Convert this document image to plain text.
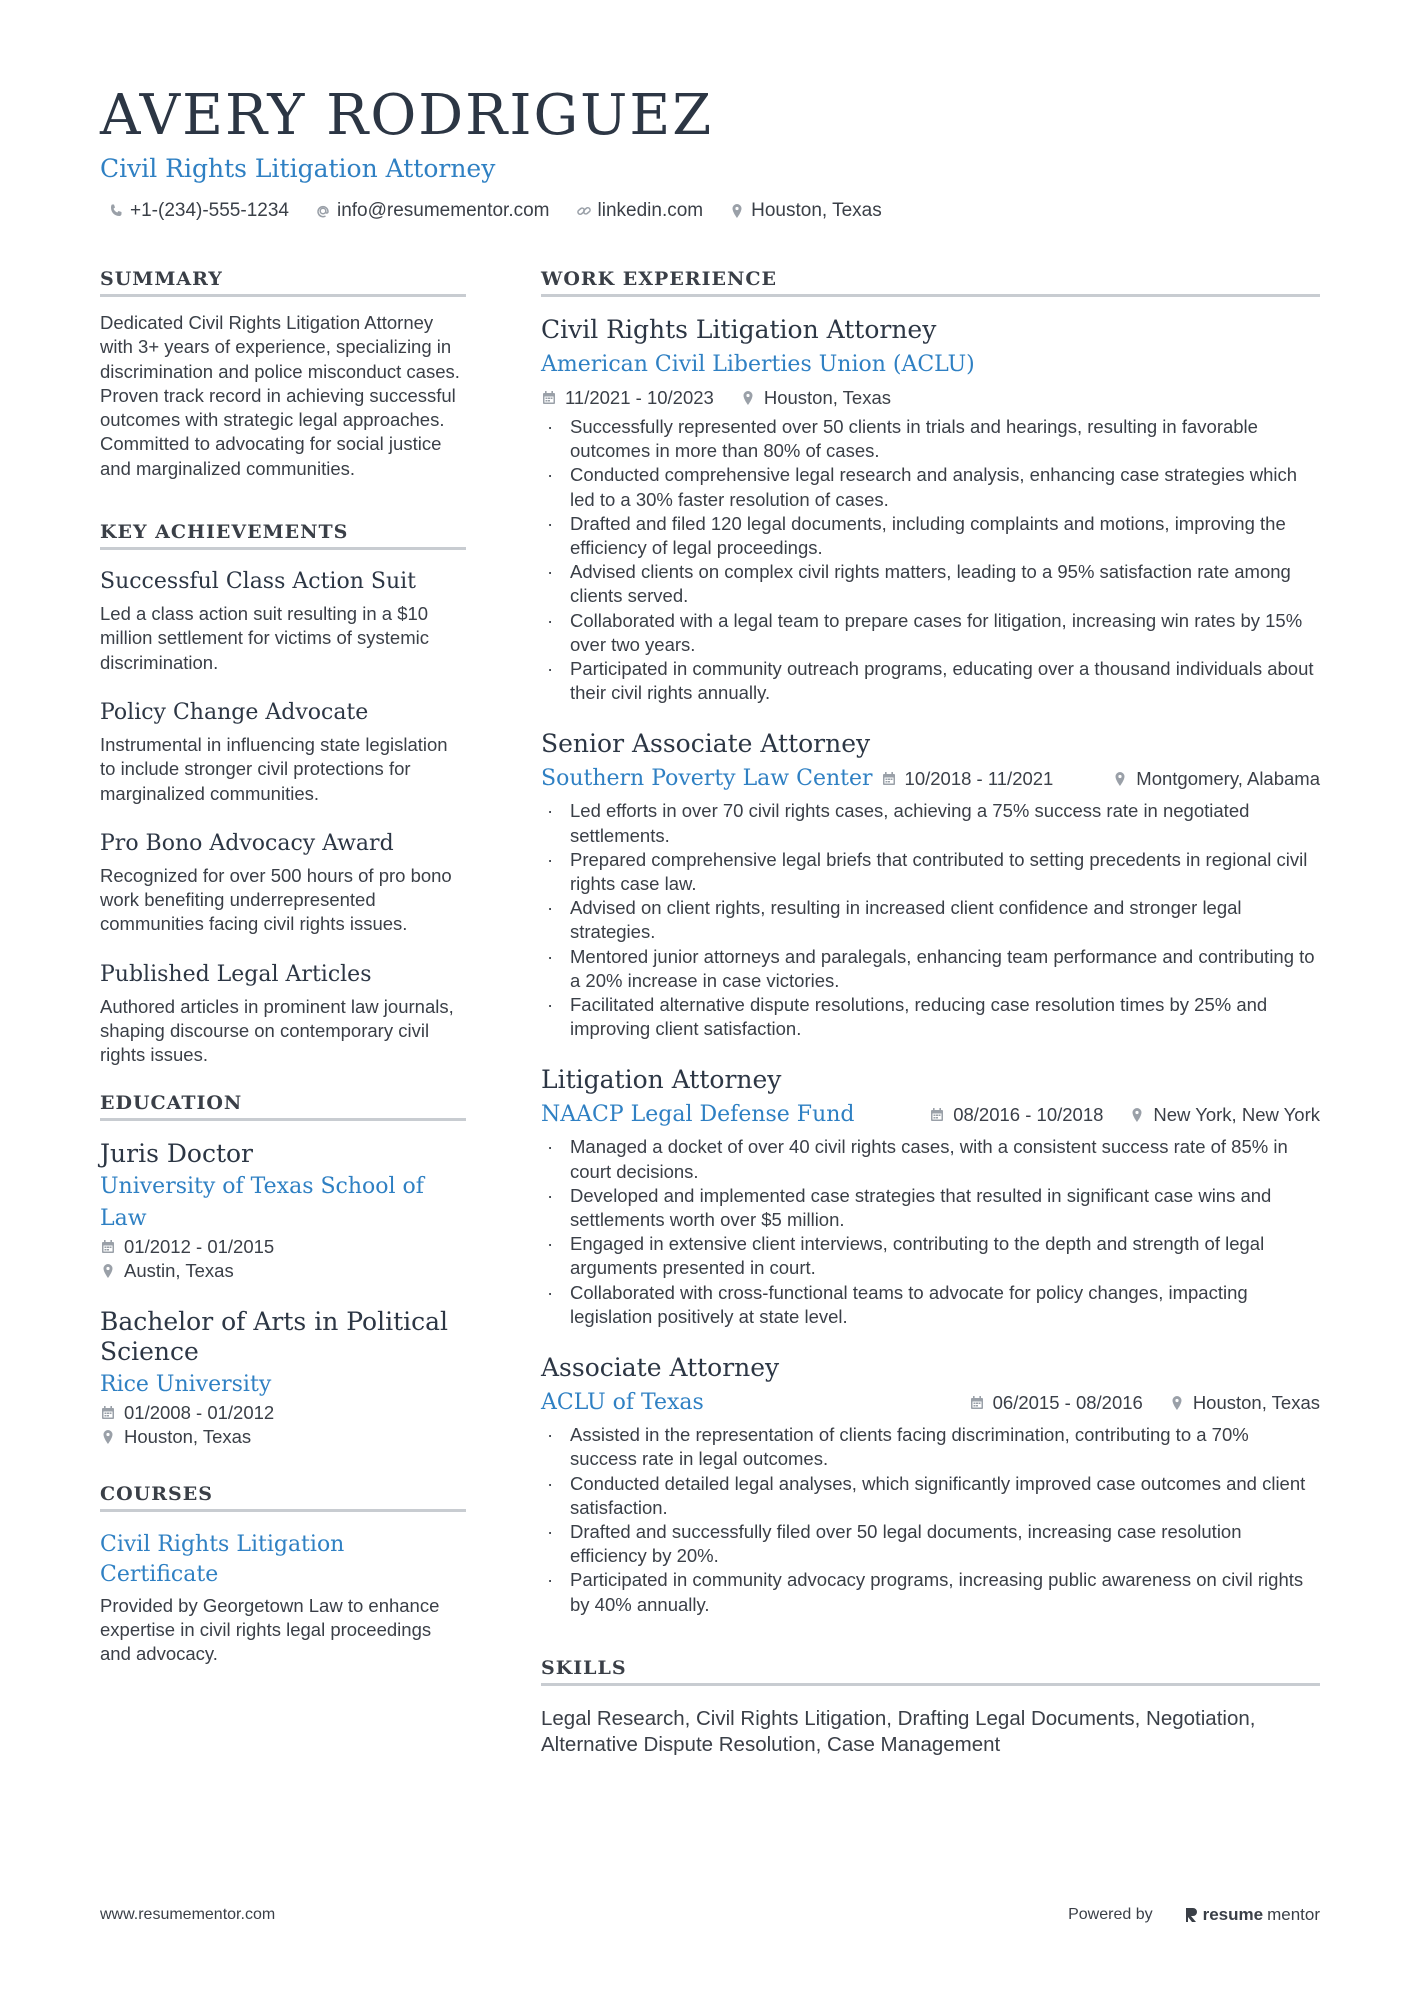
AVERY RODRIGUEZ
Civil Rights Litigation Attorney
+1-(234)-555-1234	info@resumementor.com	linkedin.com	Houston, Texas
SUMMARY
Dedicated Civil Rights Litigation Attorney with 3+ years of experience, specializing in discrimination and police misconduct cases. Proven track record in achieving successful outcomes with strategic legal approaches. Committed to advocating for social justice and marginalized communities.
KEY ACHIEVEMENTS
Successful Class Action Suit
Led a class action suit resulting in a $10 million settlement for victims of systemic discrimination.
Policy Change Advocate
Instrumental in influencing state legislation to include stronger civil protections for marginalized communities.
Pro Bono Advocacy Award
Recognized for over 500 hours of pro bono work benefiting underrepresented communities facing civil rights issues.
Published Legal Articles
Authored articles in prominent law journals, shaping discourse on contemporary civil rights issues.
EDUCATION
Juris Doctor
University of Texas School of Law
01/2012 - 01/2015
Austin, Texas
Bachelor of Arts in Political Science
Rice University
01/2008 - 01/2012
Houston, Texas
COURSES
Civil Rights Litigation Certificate
Provided by Georgetown Law to enhance expertise in civil rights legal proceedings and advocacy.
WORK EXPERIENCE
Civil Rights Litigation Attorney
American Civil Liberties Union (ACLU)
11/2021 - 10/2023	Houston, Texas
· Successfully represented over 50 clients in trials and hearings, resulting in favorable outcomes in more than 80% of cases.
· Conducted comprehensive legal research and analysis, enhancing case strategies which led to a 30% faster resolution of cases.
· Drafted and filed 120 legal documents, including complaints and motions, improving the efficiency of legal proceedings.
· Advised clients on complex civil rights matters, leading to a 95% satisfaction rate among clients served.
· Collaborated with a legal team to prepare cases for litigation, increasing win rates by 15% over two years.
· Participated in community outreach programs, educating over a thousand individuals about their civil rights annually.
Senior Associate Attorney
Southern Poverty Law Center 10/2018 - 11/2021	Montgomery, Alabama
· Led efforts in over 70 civil rights cases, achieving a 75% success rate in negotiated settlements.
· Prepared comprehensive legal briefs that contributed to setting precedents in regional civil rights case law.
· Advised on client rights, resulting in increased client confidence and stronger legal strategies.
· Mentored junior attorneys and paralegals, enhancing team performance and contributing to a 20% increase in case victories.
· Facilitated alternative dispute resolutions, reducing case resolution times by 25% and improving client satisfaction.
Litigation Attorney
NAACP Legal Defense Fund	08/2016 - 10/2018	New York, New York
· Managed a docket of over 40 civil rights cases, with a consistent success rate of 85% in court decisions.
· Developed and implemented case strategies that resulted in significant case wins and settlements worth over $5 million.
· Engaged in extensive client interviews, contributing to the depth and strength of legal arguments presented in court.
· Collaborated with cross-functional teams to advocate for policy changes, impacting legislation positively at state level.
Associate Attorney
ACLU of Texas	06/2015 - 08/2016	Houston, Texas
· Assisted in the representation of clients facing discrimination, contributing to a 70% success rate in legal outcomes.
· Conducted detailed legal analyses, which significantly improved case outcomes and client satisfaction.
· Drafted and successfully filed over 50 legal documents, increasing case resolution efficiency by 20%.
· Participated in community advocacy programs, increasing public awareness on civil rights by 40% annually.
SKILLS
Legal Research, Civil Rights Litigation, Drafting Legal Documents, Negotiation, Alternative Dispute Resolution, Case Management
www.resumementor.com	Powered by	resume mentor
